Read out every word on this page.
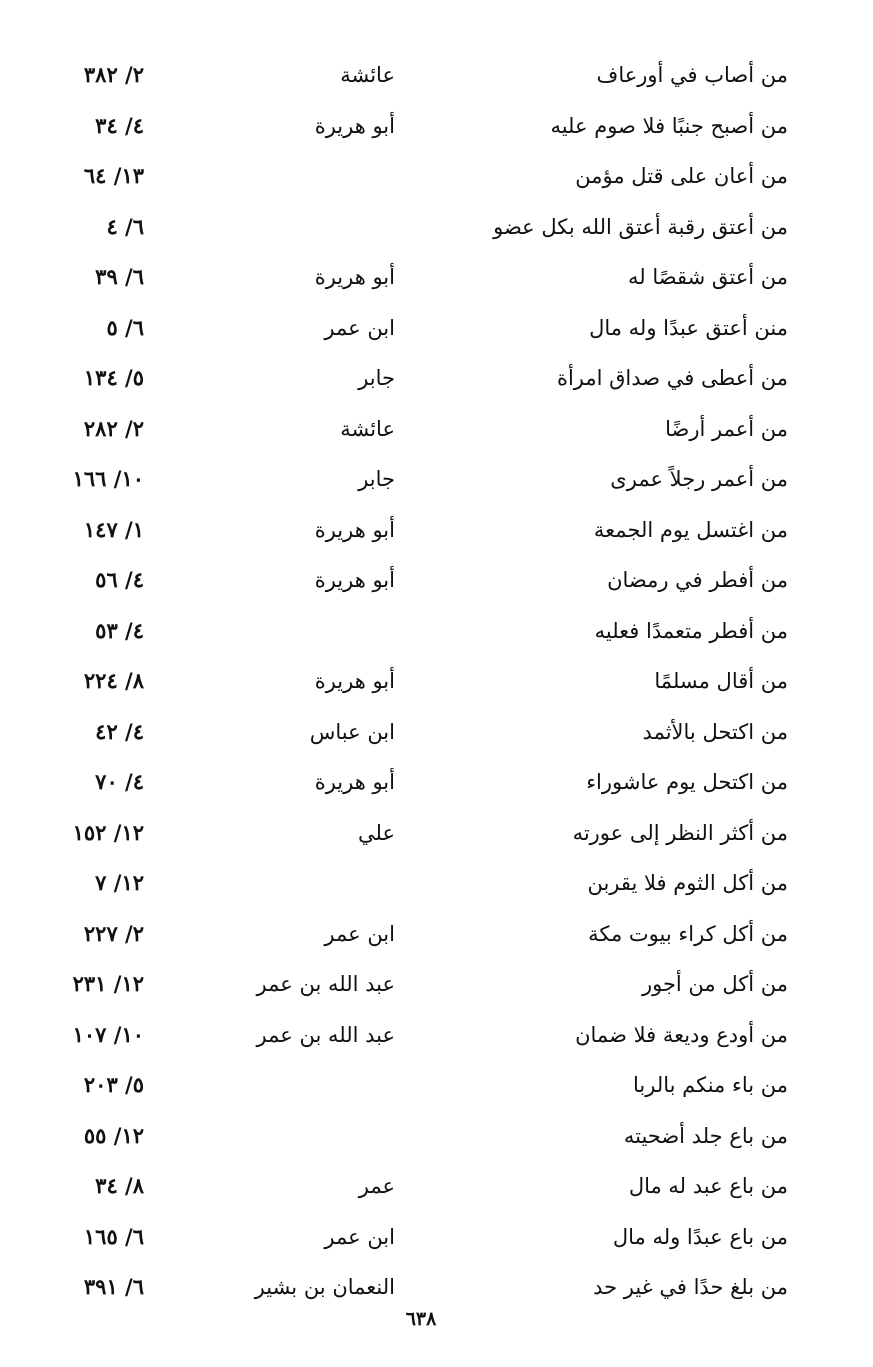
من أصاب في أورعاف
عائشة
٢/ ٣٨٢
من أصبح جنبًا فلا صوم عليه
أبو هريرة
٤/ ٣٤
من أعان على قتل مؤمن
١٣/ ٦٤
من أعتق رقبة أعتق الله بكل عضو
٦/ ٤
من أعتق شقصًا له
أبو هريرة
٦/ ٣٩
منن أعتق عبدًا وله مال
ابن عمر
٦/ ٥
من أعطى في صداق امرأة
جابر
٥/ ١٣٤
من أعمر أرضًا
عائشة
٢/ ٢٨٢
من أعمر رجلاً عمرى
جابر
١٠/ ١٦٦
من اغتسل يوم الجمعة
أبو هريرة
١/ ١٤٧
من أفطر في رمضان
أبو هريرة
٤/ ٥٦
من أفطر متعمدًا فعليه
٤/ ٥٣
من أقال مسلمًا
أبو هريرة
٨/ ٢٢٤
من اكتحل بالأثمد
ابن عباس
٤/ ٤٢
من اكتحل يوم عاشوراء
أبو هريرة
٤/ ٧٠
من أكثر النظر إلى عورته
علي
١٢/ ١٥٢
من أكل الثوم فلا يقربن
١٢/ ٧
من أكل كراء بيوت مكة
ابن عمر
٢/ ٢٢٧
من أكل من أجور
عبد الله بن عمر
١٢/ ٢٣١
من أودع وديعة فلا ضمان
عبد الله بن عمر
١٠/ ١٠٧
من باء منكم بالربا
٥/ ٢٠٣
من باع جلد أضحيته
١٢/ ٥٥
من باع عبد له مال
عمر
٨/ ٣٤
من باع عبدًا وله مال
ابن عمر
٦/ ١٦٥
من بلغ حدًا في غير حد
النعمان بن بشير
٦/ ٣٩١
٦٣٨
